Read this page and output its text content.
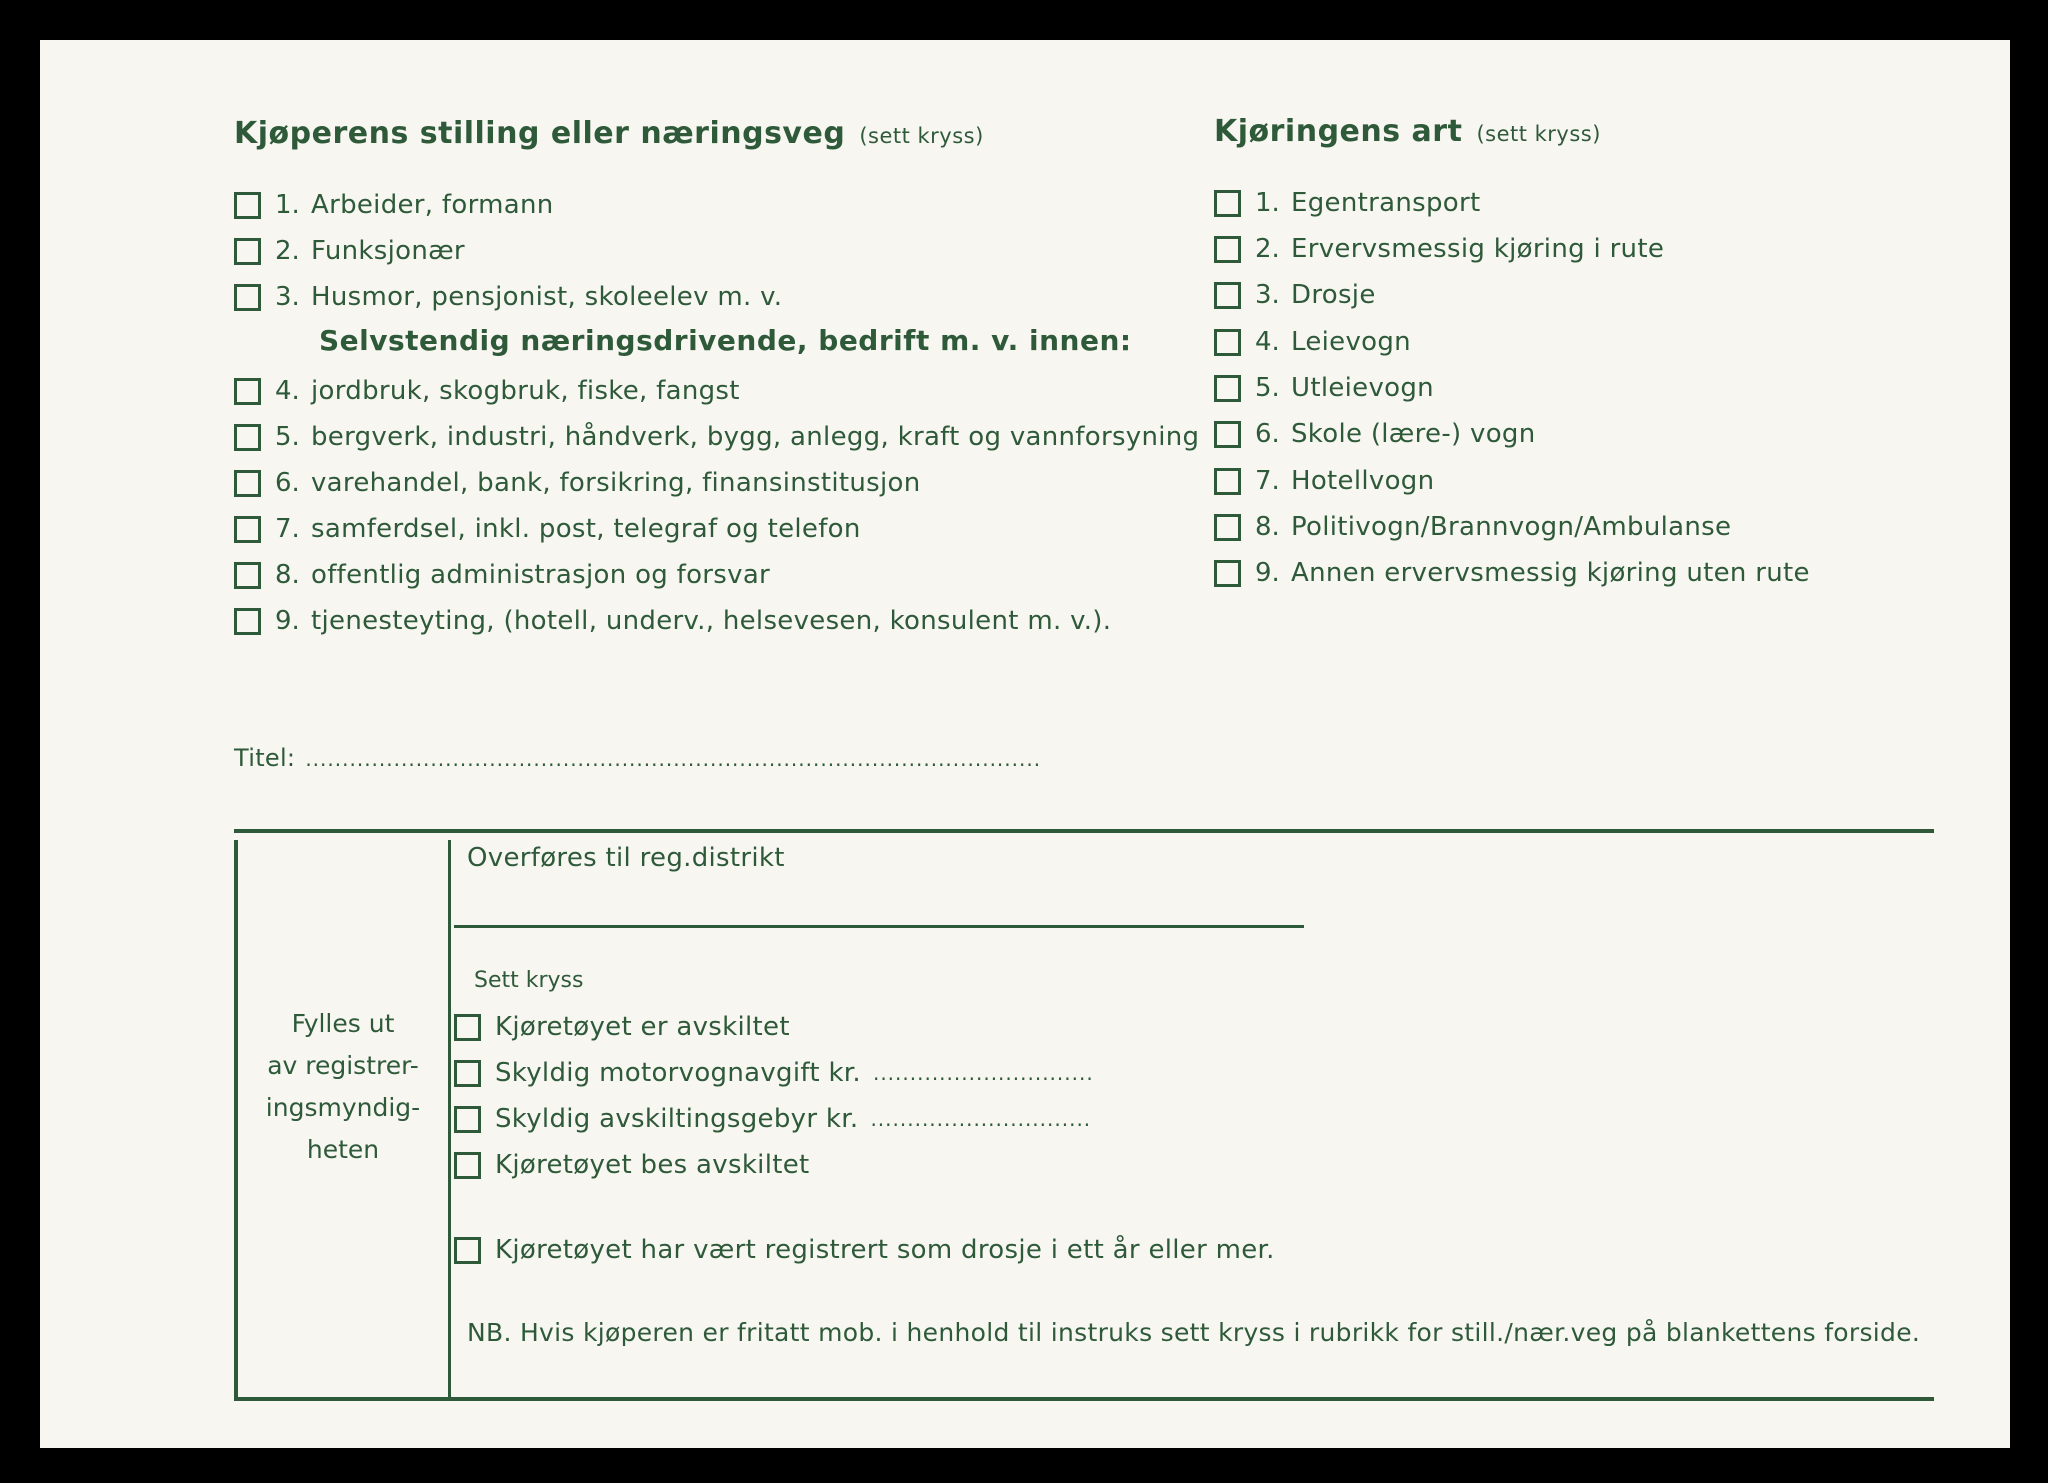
Kjøperens stilling eller næringsveg (sett kryss)
1. Arbeider, formann
2. Funksjonær
3. Husmor, pensjonist, skoleelev m. v.
Selvstendig næringsdrivende, bedrift m. v. innen:
4. jordbruk, skogbruk, fiske, fangst
5. bergverk, industri, håndverk, bygg, anlegg, kraft og vannforsyning
6. varehandel, bank, forsikring, finansinstitusjon
7. samferdsel, inkl. post, telegraf og telefon
8. offentlig administrasjon og forsvar
9. tjenesteyting, (hotell, underv., helsevesen, konsulent m. v.).
Titel: ....................................................................................................
Kjøringens art (sett kryss)
1. Egentransport
2. Ervervsmessig kjøring i rute
3. Drosje
4. Leievogn
5. Utleievogn
6. Skole (lære-) vogn
7. Hotellvogn
8. Politivogn/Brannvogn/Ambulanse
9. Annen ervervsmessig kjøring uten rute
Fylles ut
av registrer-
ingsmyndig-
heten
Overføres til reg.distrikt
Sett kryss
Kjøretøyet er avskiltet
Skyldig motorvognavgift kr. ..............................
Skyldig avskiltingsgebyr kr. ..............................
Kjøretøyet bes avskiltet
Kjøretøyet har vært registrert som drosje i ett år eller mer.
NB. Hvis kjøperen er fritatt mob. i henhold til instruks sett kryss i rubrikk for still./nær.veg på blankettens forside.
